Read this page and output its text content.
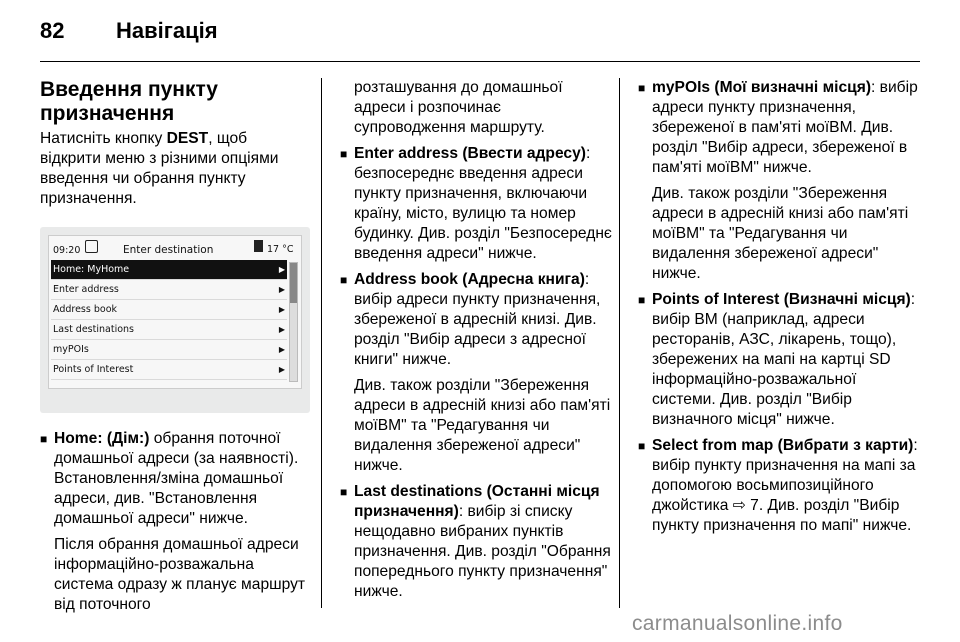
82 Навігація
Введення пункту
призначення

Натисніть кнопку DEST, щоб відкрити меню з різними опціями введення чи обрання пункту призначення.

09:20	Enter destination	17 °C
Home: MyHome	▶
Enter address	▶
Address book	▶
Last destinations	▶
myPOIs	▶
Points of Interest	▶

■ Home: (Дім:) обрання поточної домашньої адреси (за наявності). Встановлення/зміна домашньої адреси, див. "Встановлення домашньої адреси" нижче.

Після обрання домашньої адреси інформаційно-розважальна система одразу ж планує маршрут від поточного

розташування до домашньої адреси і розпочинає супроводження маршруту.

■ Enter address (Ввести адресу): безпосереднє введення адреси пункту призначення, включаючи країну, місто, вулицю та номер будинку. Див. розділ "Безпосереднє введення адреси" нижче.

■ Address book (Адресна книга): вибір адреси пункту призначення, збереженої в адресній книзі. Див. розділ "Вибір адреси з адресної книги" нижче.

Див. також розділи "Збереження адреси в адресній книзі або пам'яті моїВМ" та "Редагування чи видалення збереженої адреси" нижче.

■ Last destinations (Останні місця призначення): вибір зі списку нещодавно вибраних пунктів призначення. Див. розділ "Обрання попереднього пункту призначення" нижче.

■ myPOIs (Мої визначні місця): вибір адреси пункту призначення, збереженої в пам'яті моїВМ. Див. розділ "Вибір адреси, збереженої в пам'яті моїВМ" нижче.

Див. також розділи "Збереження адреси в адресній книзі або пам'яті моїВМ" та "Редагування чи видалення збереженої адреси" нижче.

■ Points of Interest (Визначні місця): вибір ВМ (наприклад, адреси ресторанів, АЗС, лікарень, тощо), збережених на мапі на картці SD інформаційно-розважальної системи. Див. розділ "Вибір визначного місця" нижче.

■ Select from map (Вибрати з карти): вибір пункту призначення на мапі за допомогою восьмипозиційного джойстика ⇨ 7. Див. розділ "Вибір пункту призначення по мапі" нижче.

carmanualsonline.info
